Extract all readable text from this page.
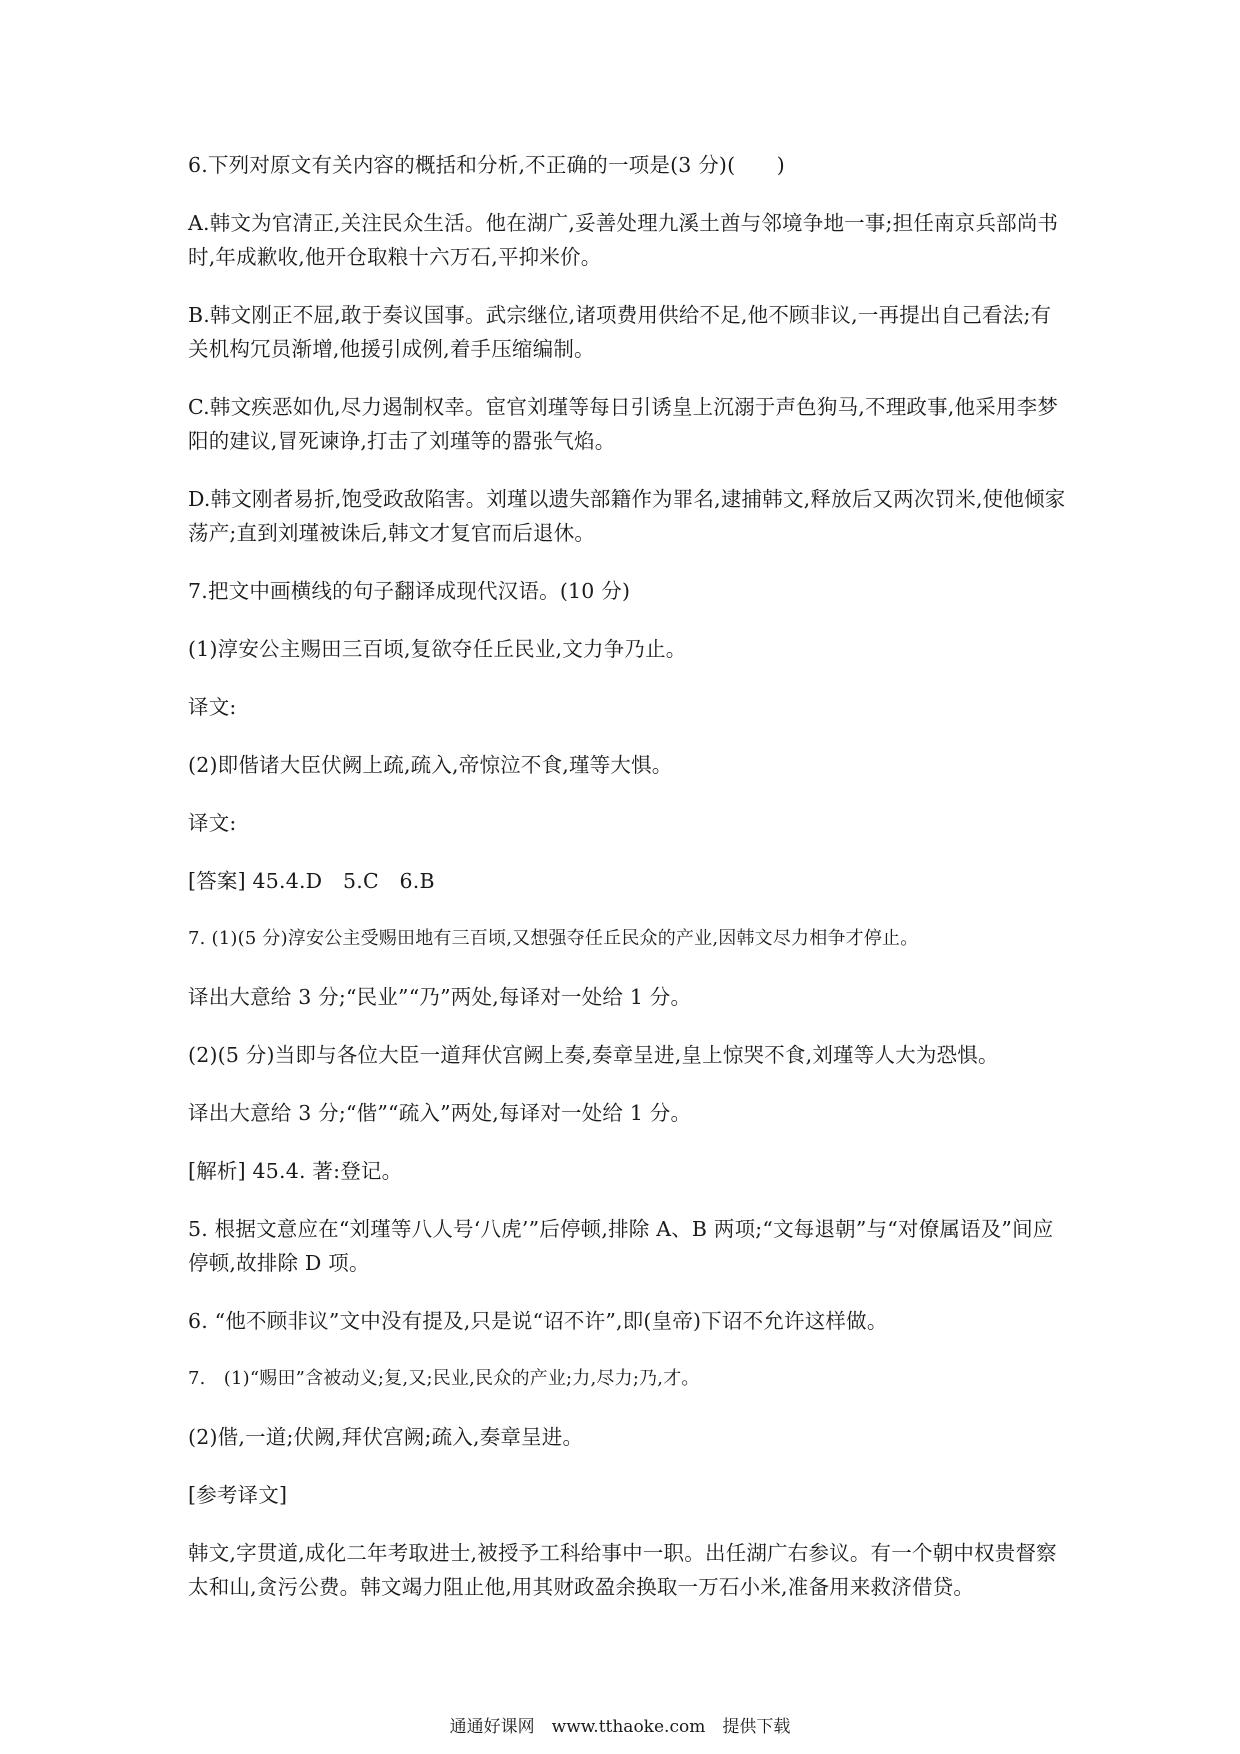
6.下列对原文有关内容的概括和分析,不正确的一项是(3 分)(　　)

A.韩文为官清正,关注民众生活。他在湖广,妥善处理九溪土酋与邻境争地一事;担任南京兵部尚书时,年成歉收,他开仓取粮十六万石,平抑米价。

B.韩文刚正不屈,敢于奏议国事。武宗继位,诸项费用供给不足,他不顾非议,一再提出自己看法;有关机构冗员渐增,他援引成例,着手压缩编制。

C.韩文疾恶如仇,尽力遏制权幸。宦官刘瑾等每日引诱皇上沉溺于声色狗马,不理政事,他采用李梦阳的建议,冒死谏诤,打击了刘瑾等的嚣张气焰。

D.韩文刚者易折,饱受政敌陷害。刘瑾以遗失部籍作为罪名,逮捕韩文,释放后又两次罚米,使他倾家荡产;直到刘瑾被诛后,韩文才复官而后退休。

7.把文中画横线的句子翻译成现代汉语。(10 分)

(1)淳安公主赐田三百顷,复欲夺任丘民业,文力争乃止。

译文:

(2)即偕诸大臣伏阙上疏,疏入,帝惊泣不食,瑾等大惧。

译文:

[答案] 45.4.D　5.C　6.B

7. (1)(5 分)淳安公主受赐田地有三百顷,又想强夺任丘民众的产业,因韩文尽力相争才停止。

译出大意给 3 分;“民业”“乃”两处,每译对一处给 1 分。

(2)(5 分)当即与各位大臣一道拜伏宫阙上奏,奏章呈进,皇上惊哭不食,刘瑾等人大为恐惧。

译出大意给 3 分;“偕”“疏入”两处,每译对一处给 1 分。

[解析] 45.4. 著:登记。

5. 根据文意应在“刘瑾等八人号‘八虎’”后停顿,排除 A、B 两项;“文每退朝”与“对僚属语及”间应停顿,故排除 D 项。

6. “他不顾非议”文中没有提及,只是说“诏不许”,即(皇帝)下诏不允许这样做。

7.　(1)“赐田”含被动义;复,又;民业,民众的产业;力,尽力;乃,才。

(2)偕,一道;伏阙,拜伏宫阙;疏入,奏章呈进。

[参考译文]

韩文,字贯道,成化二年考取进士,被授予工科给事中一职。出任湖广右参议。有一个朝中权贵督察太和山,贪污公费。韩文竭力阻止他,用其财政盈余换取一万石小米,准备用来救济借贷。

通通好课网　www.tthaoke.com　提供下载
